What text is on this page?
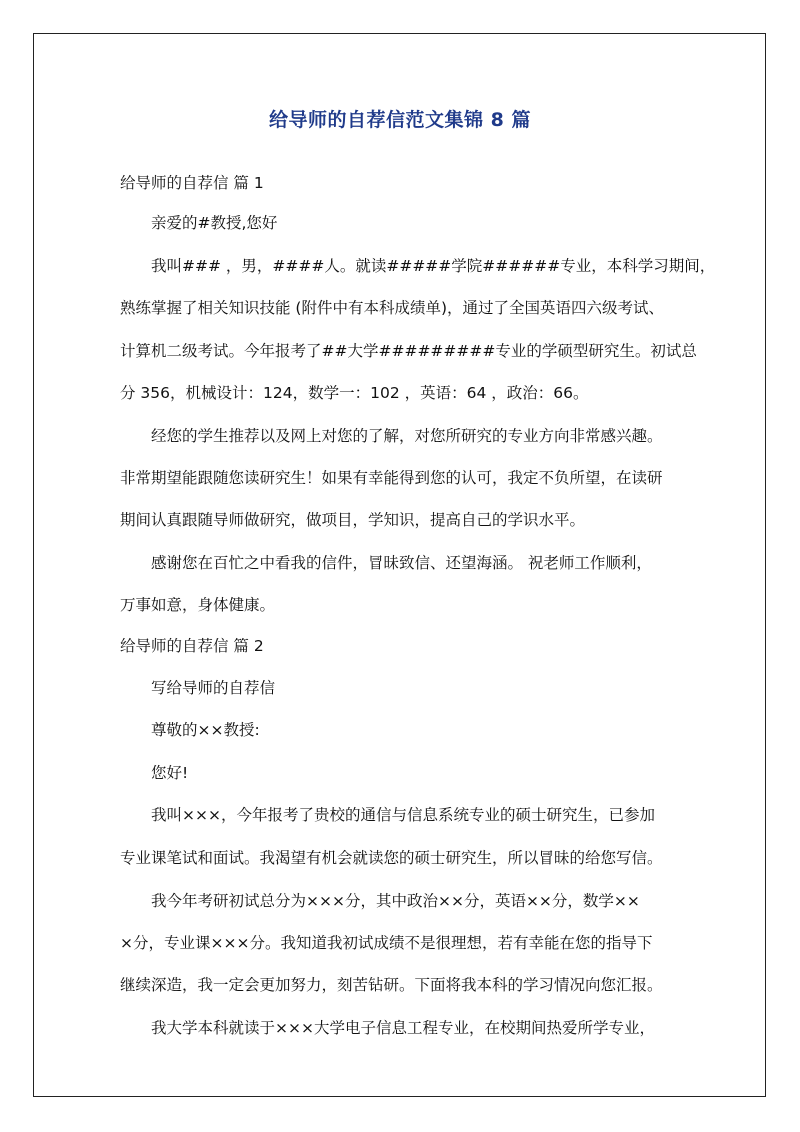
给导师的自荐信范文集锦 8 篇
给导师的自荐信 篇 1
亲爱的#教授,您好
我叫### ，男，####人。就读#####学院######专业，本科学习期间，
熟练掌握了相关知识技能 (附件中有本科成绩单)，通过了全国英语四六级考试、
计算机二级考试。今年报考了##大学#########专业的学硕型研究生。初试总
分 356，机械设计：124，数学一：102 ，英语：64 ，政治：66。
经您的学生推荐以及网上对您的了解，对您所研究的专业方向非常感兴趣。
非常期望能跟随您读研究生！如果有幸能得到您的认可，我定不负所望，在读研
期间认真跟随导师做研究，做项目，学知识，提高自己的学识水平。
感谢您在百忙之中看我的信件，冒昧致信、还望海涵。 祝老师工作顺利，
万事如意，身体健康。
给导师的自荐信 篇 2
写给导师的自荐信
尊敬的××教授:
您好!
我叫×××，今年报考了贵校的通信与信息系统专业的硕士研究生，已参加
专业课笔试和面试。我渴望有机会就读您的硕士研究生，所以冒昧的给您写信。
我今年考研初试总分为×××分，其中政治××分，英语××分，数学××
×分，专业课×××分。我知道我初试成绩不是很理想，若有幸能在您的指导下
继续深造，我一定会更加努力，刻苦钻研。下面将我本科的学习情况向您汇报。
我大学本科就读于×××大学电子信息工程专业，在校期间热爱所学专业，
